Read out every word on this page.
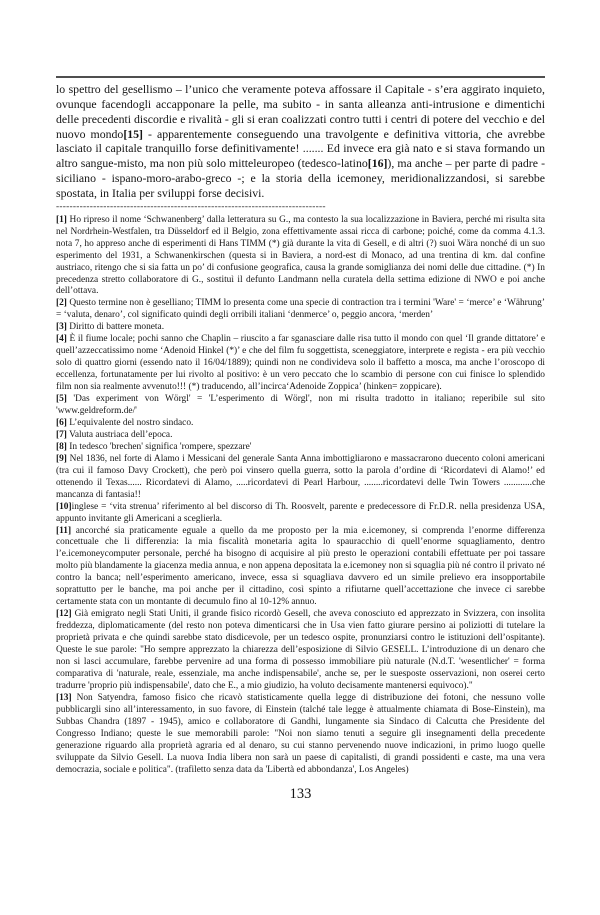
lo spettro del gesellismo – l’unico che veramente poteva affossare il Capitale - s’era aggirato inquieto, ovunque facendogli accapponare la pelle, ma subito - in santa alleanza anti-intrusione e dimentichi delle precedenti discordie e rivalità - gli si eran coalizzati contro tutti i centri di potere del vecchio e del nuovo mondo[15] - apparentemente conseguendo una travolgente e definitiva vittoria, che avrebbe lasciato il capitale tranquillo forse definitivamente! ....... Ed invece era già nato e si stava formando un altro sangue-misto, ma non più solo mitteleuropeo (tedesco-latino[16]), ma anche – per parte di padre - siciliano - ispano-moro-arabo-greco -; e la storia della icemoney, meridionalizzandosi, si sarebbe spostata, in Italia per sviluppi forse decisivi.

--------------------------------------------------------------------------------

[1] Ho ripreso il nome ‘Schwanenberg’ dalla letteratura su G., ma contesto la sua localizzazione in Baviera, perché mi risulta sita nel Nordrhein-Westfalen, tra Düsseldorf ed il Belgio, zona effettivamente assai ricca di carbone; poiché, come da comma 4.1.3. nota 7, ho appreso anche di esperimenti di Hans TIMM (*) già durante la vita di Gesell, e di altri (?) suoi Wära nonché di un suo esperimento del 1931, a Schwanenkirschen (questa si in Baviera, a nord-est di Monaco, ad una trentina di km. dal confine austriaco, ritengo che si sia fatta un po’ di confusione geografica, causa la grande somiglianza dei nomi delle due cittadine. (*) In precedenza stretto collaboratore di G., sostituì il defunto Landmann nella curatela della settima edizione di NWO e poi anche dell’ottava.

[2] Questo termine non è geselliano; TIMM lo presenta come una specie di contraction tra i termini 'Ware' = ‘merce’ e ‘Währung’ = ‘valuta, denaro’, col significato quindi degli orribili italiani ‘denmerce’ o, peggio ancora, ‘merden’

[3] Diritto di battere moneta.

[4] È il fiume locale; pochi sanno che Chaplin – riuscito a far sganasciare dalle risa tutto il mondo con quel ‘Il grande dittatore’ e quell’azzeccatissimo nome ‘Adenoid Hinkel (*)’ e che del film fu soggettista, sceneggiatore, interprete e regista - era più vecchio solo di quattro giorni (essendo nato il 16/04/1889); quindi non ne condivideva solo il baffetto a mosca, ma anche l’oroscopo di eccellenza, fortunatamente per lui rivolto al positivo: è un vero peccato che lo scambio di persone con cui finisce lo splendido film non sia realmente avvenuto!!! (*) traducendo, all’incirca‘Adenoide Zoppica’ (hinken= zoppicare).

[5] 'Das experiment von Wörgl' = 'L’esperimento di Wörgl', non mi risulta tradotto in italiano; reperibile sul sito 'www.geldreform.de/'

[6] L’equivalente del nostro sindaco.

[7] Valuta austriaca dell’epoca.

[8] In tedesco 'brechen' significa 'rompere, spezzare'

[9] Nel 1836, nel forte di Alamo i Messicani del generale Santa Anna imbottigliarono e massacrarono duecento coloni americani (tra cui il famoso Davy Crockett), che però poi vinsero quella guerra, sotto la parola d’ordine di ‘Ricordatevi di Alamo!’ ed ottenendo il Texas...... Ricordatevi di Alamo, .....ricordatevi di Pearl Harbour, ........ricordatevi delle Twin Towers ............che mancanza di fantasia!!

[10]inglese = ‘vita strenua’ riferimento al bel discorso di Th. Roosvelt, parente e predecessore di Fr.D.R. nella presidenza USA, appunto invitante gli Americani a sceglierla.

[11] ancorché sia praticamente eguale a quello da me proposto per la mia e.icemoney, si comprenda l’enorme differenza concettuale che li differenzia: la mia fiscalità monetaria agita lo spauracchio di quell’enorme squagliamento, dentro l’e.icemoneycomputer personale, perché ha bisogno di acquisire al più presto le operazioni contabili effettuate per poi tassare molto più blandamente la giacenza media annua, e non appena depositata la e.icemoney non si squaglia più né contro il privato né contro la banca; nell’esperimento americano, invece, essa si squagliava davvero ed un simile prelievo era insopportabile soprattutto per le banche, ma poi anche per il cittadino, così spinto a rifiutarne quell’accettazione che invece ci sarebbe certamente stata con un montante di decumulo fino al 10-12% annuo.

[12] Già emigrato negli Stati Uniti, il grande fisico ricordò Gesell, che aveva conosciuto ed apprezzato in Svizzera, con insolita freddezza, diplomaticamente (del resto non poteva dimenticarsi che in Usa vien fatto giurare persino ai poliziotti di tutelare la proprietà privata e che quindi sarebbe stato disdicevole, per un tedesco ospite, pronunziarsi contro le istituzioni dell’ospitante). Queste le sue parole: "Ho sempre apprezzato la chiarezza dell’esposizione di Silvio GESELL. L’introduzione di un denaro che non si lasci accumulare, farebbe pervenire ad una forma di possesso immobiliare più naturale (N.d.T. 'wesentlicher' = forma comparativa di 'naturale, reale, essenziale, ma anche indispensabile', anche se, per le suesposte osservazioni, non oserei certo tradurre 'proprio più indispensabile', dato che E., a mio giudizio, ha voluto decisamente mantenersi equivoco)."

[13] Non Satyendra, famoso fisico che ricavò statisticamente quella legge di distribuzione dei fotoni, che nessuno volle pubblicargli sino all’interessamento, in suo favore, di Einstein (talché tale legge è attualmente chiamata di Bose-Einstein), ma Subbas Chandra (1897 - 1945), amico e collaboratore di Gandhi, lungamente sia Sindaco di Calcutta che Presidente del Congresso Indiano; queste le sue memorabili parole: "Noi non siamo tenuti a seguire gli insegnamenti della precedente generazione riguardo alla proprietà agraria ed al denaro, su cui stanno pervenendo nuove indicazioni, in primo luogo quelle sviluppate da Silvio Gesell. La nuova India libera non sarà un paese di capitalisti, di grandi possidenti e caste, ma una vera democrazia, sociale e politica". (trafiletto senza data da 'Libertà ed abbondanza', Los Angeles)

133
